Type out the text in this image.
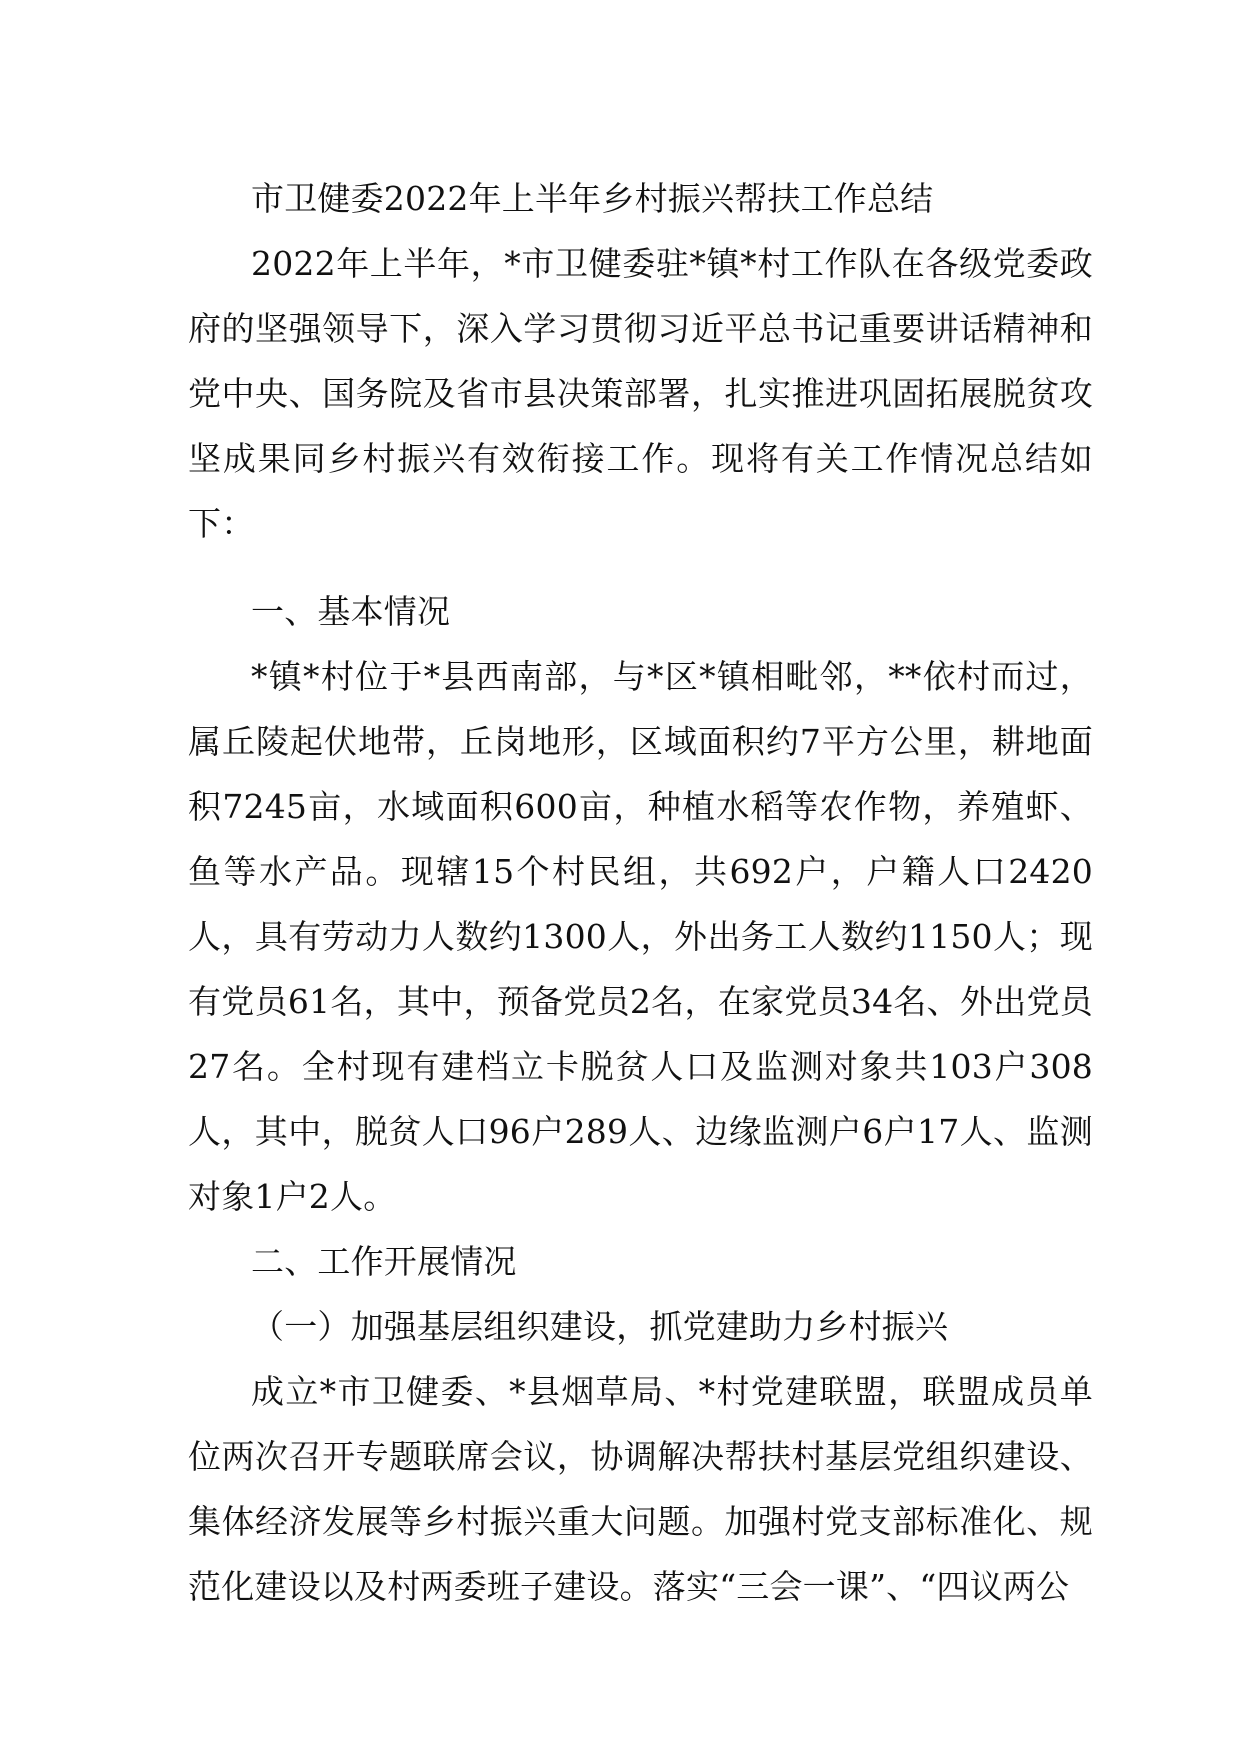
市卫健委2022年上半年乡村振兴帮扶工作总结

2022年上半年，*市卫健委驻*镇*村工作队在各级党委政府的坚强领导下，深入学习贯彻习近平总书记重要讲话精神和党中央、国务院及省市县决策部署，扎实推进巩固拓展脱贫攻坚成果同乡村振兴有效衔接工作。现将有关工作情况总结如下：

一、基本情况

*镇*村位于*县西南部，与*区*镇相毗邻，**依村而过，属丘陵起伏地带，丘岗地形，区域面积约7平方公里，耕地面积7245亩，水域面积600亩，种植水稻等农作物，养殖虾、鱼等水产品。现辖15个村民组，共692户，户籍人口2420人，具有劳动力人数约1300人，外出务工人数约1150人；现有党员61名，其中，预备党员2名，在家党员34名、外出党员27名。全村现有建档立卡脱贫人口及监测对象共103户308人，其中，脱贫人口96户289人、边缘监测户6户17人、监测对象1户2人。

二、工作开展情况

（一）加强基层组织建设，抓党建助力乡村振兴

成立*市卫健委、*县烟草局、*村党建联盟，联盟成员单位两次召开专题联席会议，协调解决帮扶村基层党组织建设、集体经济发展等乡村振兴重大问题。加强村党支部标准化、规范化建设以及村两委班子建设。落实“三会一课”、“四议两公
